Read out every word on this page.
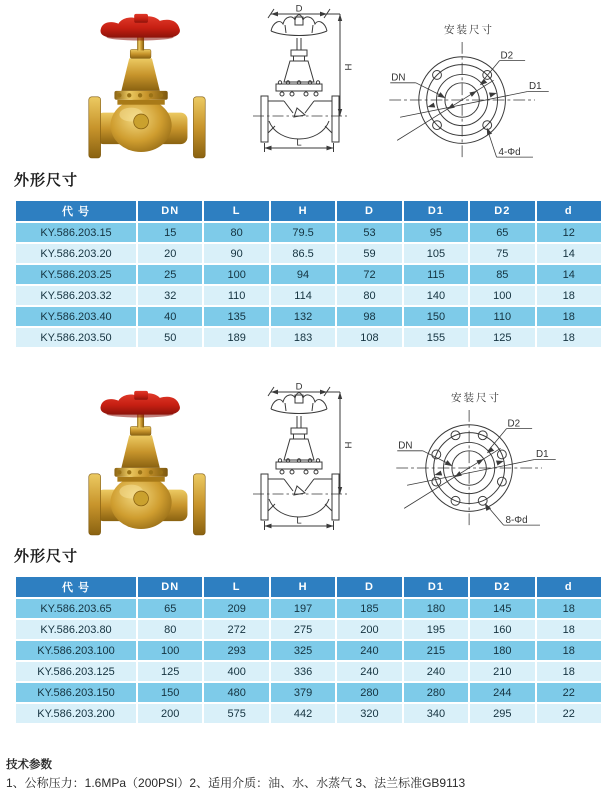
D
H
L
安装尺寸
DN
D2
D1
4-Φd
外形尺寸
代 号	DN	L	H	D	D1	D2	d
KY.586.203.15	15	80	79.5	53	95	65	12
KY.586.203.20	20	90	86.5	59	105	75	14
KY.586.203.25	25	100	94	72	115	85	14
KY.586.203.32	32	110	114	80	140	100	18
KY.586.203.40	40	135	132	98	150	110	18
KY.586.203.50	50	189	183	108	155	125	18
D
H
L
安装尺寸
DN
D2
D1
8-Φd
外形尺寸
代 号	DN	L	H	D	D1	D2	d
KY.586.203.65	65	209	197	185	180	145	18
KY.586.203.80	80	272	275	200	195	160	18
KY.586.203.100	100	293	325	240	215	180	18
KY.586.203.125	125	400	336	240	240	210	18
KY.586.203.150	150	480	379	280	280	244	22
KY.586.203.200	200	575	442	320	340	295	22
技术参数
1、公称压力：1.6MPa（200PSI）2、适用介质：油、水、水蒸气 3、法兰标准GB9113
